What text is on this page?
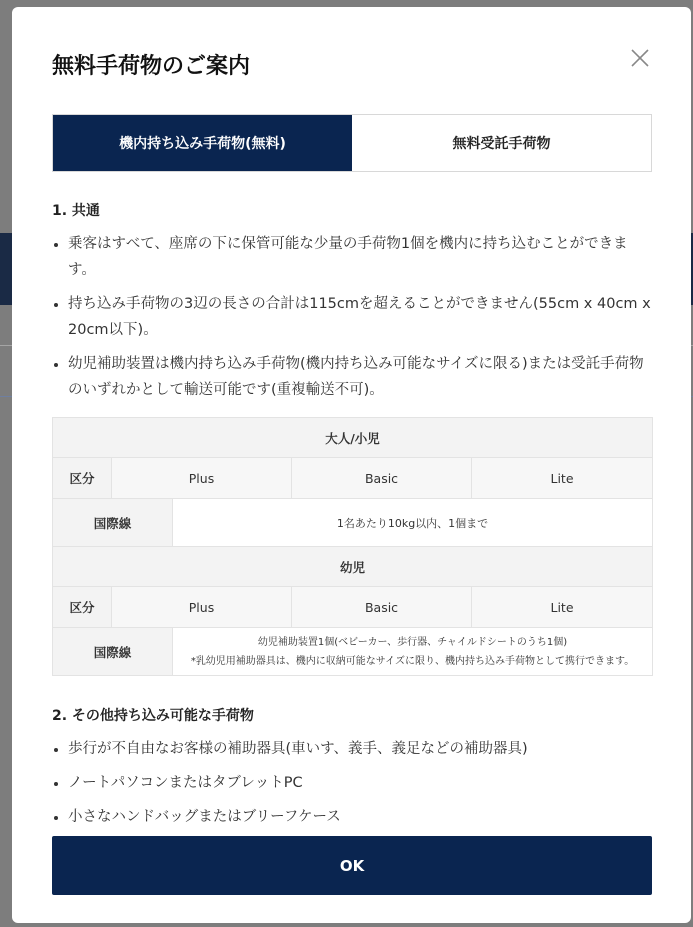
無料手荷物のご案内
機内持ち込み手荷物(無料)	無料受託手荷物
1. 共通
乗客はすべて、座席の下に保管可能な少量の手荷物1個を機内に持ち込むことができます。
持ち込み手荷物の3辺の長さの合計は115cmを超えることができません(55cm x 40cm x 20cm以下)。
幼児補助装置は機内持ち込み手荷物(機内持ち込み可能なサイズに限る)または受託手荷物のいずれかとして輸送可能です(重複輸送不可)。
大人/小児				
区分	Plus		Basic	Lite
国際線		1名あたり10kg以内、1個まで		
幼児				
区分	Plus		Basic	Lite
国際線		幼児補助装置1個(ベビーカー、歩行器、チャイルドシートのうち1個)
*乳幼児用補助器具は、機内に収納可能なサイズに限り、機内持ち込み手荷物として携行できます。		
2. その他持ち込み可能な手荷物
歩行が不自由なお客様の補助器具(車いす、義手、義足などの補助器具)
ノートパソコンまたはタブレットPC
小さなハンドバッグまたはブリーフケース
OK
